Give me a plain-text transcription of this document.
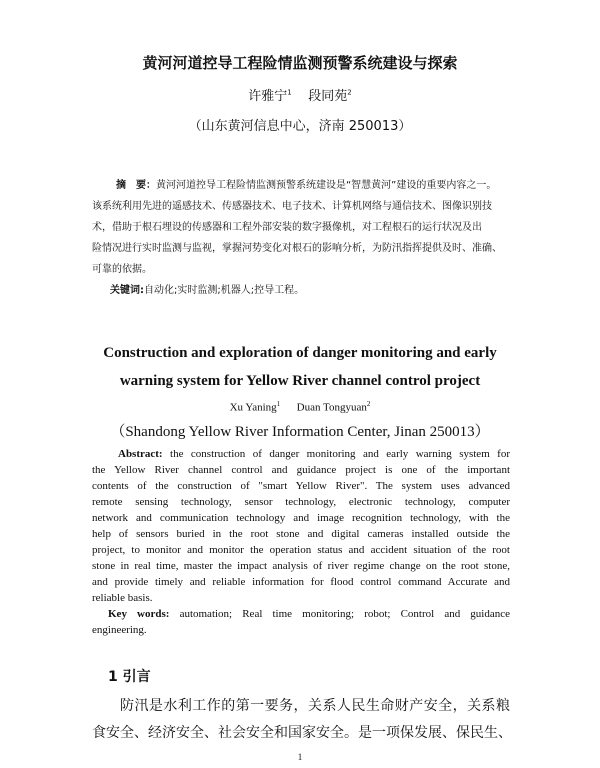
黄河河道控导工程险情监测预警系统建设与探索
许雅宁$^1$ 段同苑$^2$
（山东黄河信息中心，济南 250013）
摘　要：黄河河道控导工程险情监测预警系统建设是“智慧黄河”建设的重要内容之一。
该系统利用先进的遥感技术、传感器技术、电子技术、计算机网络与通信技术、图像识别技
术，借助于根石埋设的传感器和工程外部安装的数字摄像机，对工程根石的运行状况及出
险情况进行实时监测与监视，掌握河势变化对根石的影响分析，为防汛指挥提供及时、准确、
可靠的依据。
关键词:自动化;实时监测;机器人;控导工程。
Construction and exploration of danger monitoring and early
warning system for Yellow River channel control project
Xu Yaning$^1$ Duan Tongyuan$^2$
（Shandong Yellow River Information Center, Jinan 250013）
Abstract: the construction of danger monitoring and early warning system for
the Yellow River channel control and guidance project is one of the important
contents of the construction of "smart Yellow River". The system uses advanced
remote sensing technology, sensor technology, electronic technology, computer
network and communication technology and image recognition technology, with the
help of sensors buried in the root stone and digital cameras installed outside the
project, to monitor and monitor the operation status and accident situation of the root
stone in real time, master the impact analysis of river regime change on the root stone,
and provide timely and reliable information for flood control command Accurate and
reliable basis.
Key words: automation; Real time monitoring; robot; Control and guidance
engineering.
1 引言
防汛是水利工作的第一要务，关系人民生命财产安全，关系粮
食安全、经济安全、社会安全和国家安全。是一项保发展、保民生、
1
